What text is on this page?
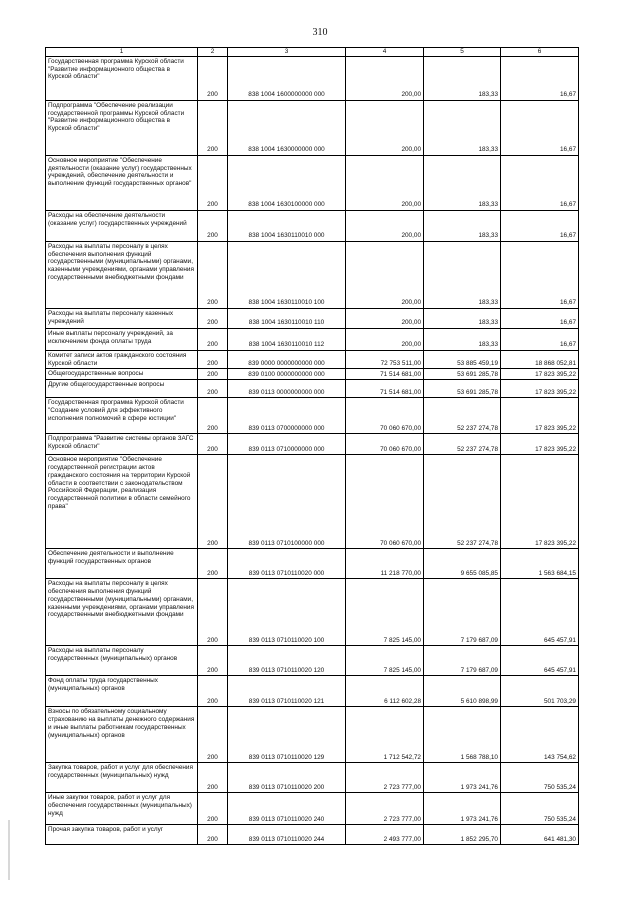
310
1	2	3	4	5	6
Государственная программа Курской области "Развитие информационного общества в Курской области"	200	838 1004 1600000000 000	200,00	183,33	16,67
Подпрограмма "Обеспечение реализации государственной программы Курской области "Развитие информационного общества в Курской области"	200	838 1004 1630000000 000	200,00	183,33	16,67
Основное мероприятие "Обеспечение деятельности (оказание услуг) государственных учреждений, обеспечение деятельности и выполнение функций государственных органов"	200	838 1004 1630100000 000	200,00	183,33	16,67
Расходы на обеспечение деятельности (оказание услуг) государственных учреждений	200	838 1004 1630110010 000	200,00	183,33	16,67
Расходы на выплаты персоналу в целях обеспечения выполнения функций государственными (муниципальными) органами, казенными учреждениями, органами управления государственными внебюджетными фондами	200	838 1004 1630110010 100	200,00	183,33	16,67
Расходы на выплаты персоналу казенных учреждений	200	838 1004 1630110010 110	200,00	183,33	16,67
Иные выплаты персоналу учреждений, за исключением фонда оплаты труда	200	838 1004 1630110010 112	200,00	183,33	16,67
Комитет записи актов гражданского состояния Курской области	200	839 0000 0000000000 000	72 753 511,00	53 885 459,19	18 868 052,81
Общегосударственные вопросы	200	839 0100 0000000000 000	71 514 681,00	53 691 285,78	17 823 395,22
Другие общегосударственные вопросы	200	839 0113 0000000000 000	71 514 681,00	53 691 285,78	17 823 395,22
Государственная программа Курской области "Создание условий для эффективного исполнения полномочий в сфере юстиции"	200	839 0113 0700000000 000	70 060 670,00	52 237 274,78	17 823 395,22
Подпрограмма "Развитие системы органов ЗАГС Курской области"	200	839 0113 0710000000 000	70 060 670,00	52 237 274,78	17 823 395,22
Основное мероприятие "Обеспечение государственной регистрации актов гражданского состояния на территории Курской области в соответствии с законодательством Российской Федерации, реализация государственной политики в области семейного права"	200	839 0113 0710100000 000	70 060 670,00	52 237 274,78	17 823 395,22
Обеспечение деятельности и выполнение функций государственных органов	200	839 0113 0710110020 000	11 218 770,00	9 655 085,85	1 563 684,15
Расходы на выплаты персоналу в целях обеспечения выполнения функций государственными (муниципальными) органами, казенными учреждениями, органами управления государственными внебюджетными фондами	200	839 0113 0710110020 100	7 825 145,00	7 179 687,09	645 457,91
Расходы на выплаты персоналу государственных (муниципальных) органов	200	839 0113 0710110020 120	7 825 145,00	7 179 687,09	645 457,91
Фонд оплаты труда государственных (муниципальных) органов	200	839 0113 0710110020 121	6 112 602,28	5 610 898,99	501 703,29
Взносы по обязательному социальному страхованию на выплаты денежного содержания и иные выплаты работникам государственных (муниципальных) органов	200	839 0113 0710110020 129	1 712 542,72	1 568 788,10	143 754,62
Закупка товаров, работ и услуг для обеспечения государственных (муниципальных) нужд	200	839 0113 0710110020 200	2 723 777,00	1 973 241,76	750 535,24
Иные закупки товаров, работ и услуг для обеспечения государственных (муниципальных) нужд	200	839 0113 0710110020 240	2 723 777,00	1 973 241,76	750 535,24
Прочая закупка товаров, работ и услуг	200	839 0113 0710110020 244	2 493 777,00	1 852 295,70	641 481,30
